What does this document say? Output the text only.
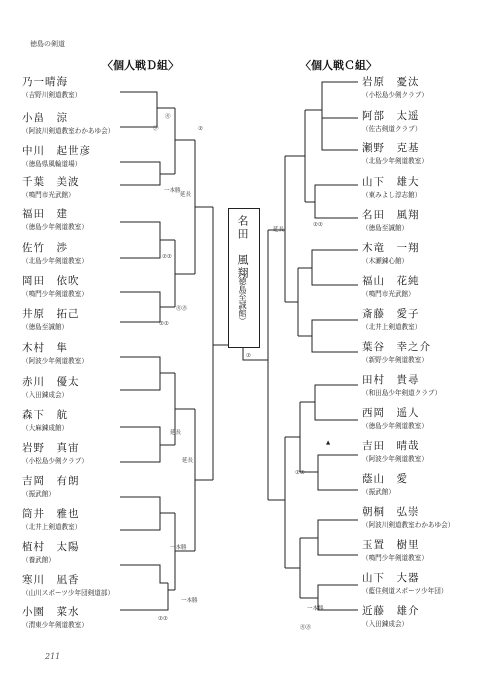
徳島の剣道
〈個人戦Ｄ組〉	〈個人戦Ｃ組〉
名田　風翔
（徳島至誠館）
乃一晴海
（吉野川剣道教室）
小畠　涼
（阿波川剣道教室わかあゆ会）
中川　起世彦
（徳島県風輪道場）
千葉　美波
（鳴門市光武館）
福田　建
（徳島少年剣道教室）
佐竹　渉
（北島少年剣道教室）
岡田　依吹
（鳴門少年剣道教室）
井原　拓己
（徳島至誠館）
木村　隼
（阿波少年剣道教室）
赤川　優太
（入田錬成会）
森下　航
（大麻錬成館）
岩野　真宙
（小松島少剣クラブ）
吉岡　有朗
（振武館）
筒井　雅也
（北井上剣道教室）
植村　太陽
（養武館）
寒川　凪香
（山川スポーツ少年団剣道部）
小園　菜水
（渭東少年剣道教室）
岩原　憂汰
（小松島少剣クラブ）
阿部　太遥
（佐古剣道クラブ）
瀬野　克基
（北島少年剣道教室）
山下　雄大
（東みよし淳志館）
名田　風翔
（徳島至誠館）
木竜　一翔
（木瀬錬心館）
福山　花純
（鳴門市光武館）
斎藤　愛子
（北井上剣道教室）
葉谷　幸之介
（新野少年剣道教室）
田村　貴尋
（和田島少年剣道クラブ）
西岡　遥人
（徳島少年剣道教室）
吉田　晴哉
（阿波少年剣道教室）
蔭山　愛
（振武館）
朝桐　弘崇
（阿波川剣道教室わかあゆ会）
玉置　樹里
（鳴門少年剣道教室）
山下　大器
（藍住剣道スポーツ少年団）
近藤　雄介
（入田錬成会）
延長
一本勝
㋕
㋛	⑦
⑦⑦
㋕㋕
⑦⑦
延長
一本勝
⑦⑦
延長
一本勝
▲
⑦⑦
⑦
⑦⑦
一本勝
延長
㋕㋕
211
